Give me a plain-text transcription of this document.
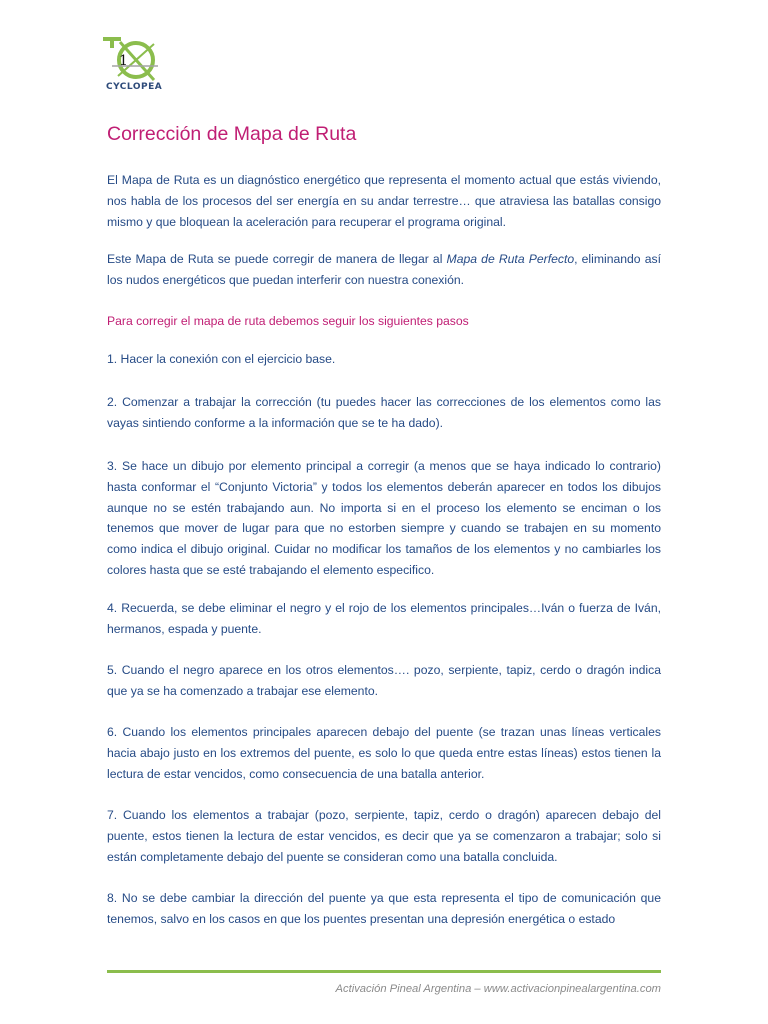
1
CYCLOPEA
Corrección de Mapa de Ruta

El Mapa de Ruta es un diagnóstico energético que representa el momento actual que estás viviendo, nos habla de los procesos del ser energía en su andar terrestre… que atraviesa las batallas consigo mismo y que bloquean la aceleración para recuperar el programa original.

Este Mapa de Ruta se puede corregir de manera de llegar al Mapa de Ruta Perfecto, eliminando así los nudos energéticos que puedan interferir con nuestra conexión.

Para corregir el mapa de ruta debemos seguir los siguientes pasos

1. Hacer la conexión con el ejercicio base.

2. Comenzar a trabajar la corrección (tu puedes hacer las correcciones de los elementos como las vayas sintiendo conforme a la información que se te ha dado).

3. Se hace un dibujo por elemento principal a corregir (a menos que se haya indicado lo contrario) hasta conformar el “Conjunto Victoria” y todos los elementos deberán aparecer en todos los dibujos aunque no se estén trabajando aun. No importa si en el proceso los elemento se enciman o los tenemos que mover de lugar para que no estorben siempre y cuando se trabajen en su momento como indica el dibujo original. Cuidar no modificar los tamaños de los elementos y no cambiarles los colores hasta que se esté trabajando el elemento especifico.

4. Recuerda, se debe eliminar el negro y el rojo de los elementos principales…Iván o fuerza de Iván, hermanos, espada y puente.

5. Cuando el negro aparece en los otros elementos…. pozo, serpiente, tapiz, cerdo o dragón indica que ya se ha comenzado a trabajar ese elemento.

6. Cuando los elementos principales aparecen debajo del puente (se trazan unas líneas verticales hacia abajo justo en los extremos del puente, es solo lo que queda entre estas líneas) estos tienen la lectura de estar vencidos, como consecuencia de una batalla anterior.

7. Cuando los elementos a trabajar (pozo, serpiente, tapiz, cerdo o dragón) aparecen debajo del puente, estos tienen la lectura de estar vencidos, es decir que ya se comenzaron a trabajar; solo si están completamente debajo del puente se consideran como una batalla concluida.

8. No se debe cambiar la dirección del puente ya que esta representa el tipo de comunicación que tenemos, salvo en los casos en que los puentes presentan una depresión energética o estado

Activación Pineal Argentina – www.activacionpinealargentina.com
